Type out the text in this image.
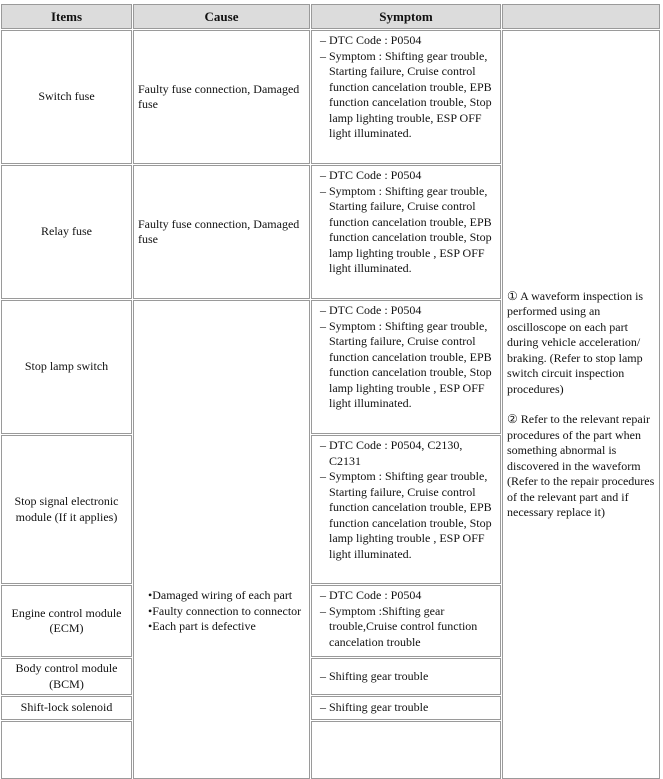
Items	Cause	Symptom
Switch fuse
Relay fuse
Stop lamp switch
Stop signal electronic module (If it applies)
Engine control module (ECM)
Body control module (BCM)
Shift-lock solenoid
Faulty fuse connection, Damaged fuse
Faulty fuse connection, Damaged fuse
• Damaged wiring of each part
• Faulty connection to connector
• Each part is defective
– DTC Code : P0504
– Symptom : Shifting gear trouble, Starting failure, Cruise control function cancelation trouble, EPB function cancelation trouble, Stop lamp lighting trouble, ESP OFF light illuminated.
– DTC Code : P0504
– Symptom : Shifting gear trouble, Starting failure, Cruise control function cancelation trouble, EPB function cancelation trouble, Stop lamp lighting trouble , ESP OFF light illuminated.
– DTC Code : P0504
– Symptom : Shifting gear trouble, Starting failure, Cruise control function cancelation trouble, EPB function cancelation trouble, Stop lamp lighting trouble , ESP OFF light illuminated.
– DTC Code : P0504, C2130, C2131
– Symptom : Shifting gear trouble, Starting failure, Cruise control function cancelation trouble, EPB function cancelation trouble, Stop lamp lighting trouble , ESP OFF light illuminated.
– DTC Code : P0504
– Symptom :Shifting gear trouble,Cruise control function cancelation trouble
– Shifting gear trouble
– Shifting gear trouble

① A waveform inspection is performed using an oscilloscope on each part during vehicle acceleration/ braking. (Refer to stop lamp switch circuit inspection procedures)

② Refer to the relevant repair procedures of the part when something abnormal is discovered in the waveform (Refer to the repair procedures of the relevant part and if necessary replace it)
